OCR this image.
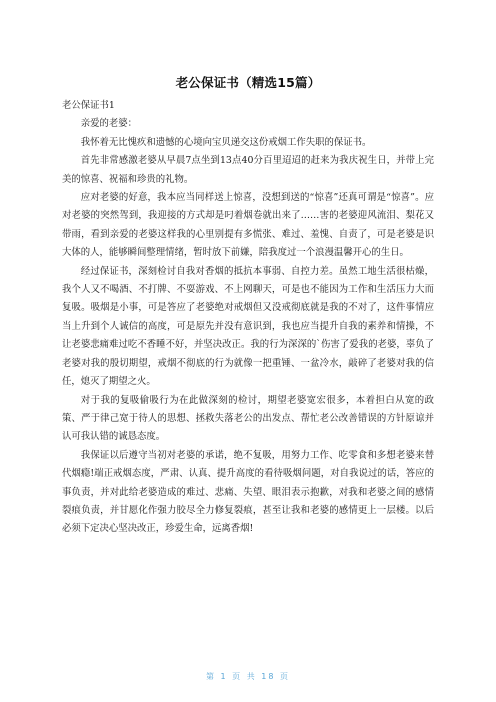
老公保证书（精选15篇）

老公保证书1

亲爱的老婆：

我怀着无比愧疚和遗憾的心境向宝贝递交这份戒烟工作失职的保证书。

首先非常感激老婆从早晨7点坐到13点40分百里迢迢的赶来为我庆祝生日，并带上完美的惊喜、祝福和珍贵的礼物。

应对老婆的好意，我本应当同样送上惊喜，没想到送的“惊喜”还真可谓是“惊喜”。应对老婆的突然驾到，我迎接的方式却是叼着烟卷就出来了……害的老婆迎风流泪、梨花又带雨，看到亲爱的老婆这样我的心里别提有多慌张、难过、羞愧、自责了，可是老婆是识大体的人，能够瞬间整理情绪，暂时放下前嫌，陪我度过一个浪漫温馨开心的生日。

经过保证书，深刻检讨自我对香烟的抵抗本事弱、自控力差。虽然工地生活很枯燥，我个人又不喝酒、不打牌、不耍游戏、不上网聊天，可是也不能因为工作和生活压力大而复吸。吸烟是小事，可是答应了老婆绝对戒烟但又没戒彻底就是我的不对了，这件事情应当上升到个人诚信的高度，可是原先并没有意识到，我也应当提升自我的素养和情操，不让老婆悲痛难过吃不香睡不好，并坚决改正。我的行为深深的`伤害了爱我的老婆，辜负了老婆对我的殷切期望，戒烟不彻底的行为就像一把重锤、一盆冷水，敲碎了老婆对我的信任，熄灭了期望之火。

对于我的复吸偷吸行为在此做深刻的检讨，期望老婆宽宏很多，本着担白从宽的政策、严于律己宽于待人的思想、拯救失落老公的出发点、帮忙老公改善错误的方针原谅并认可我认错的诚恳态度。

我保证以后遵守当初对老婆的承诺，绝不复吸，用努力工作、吃零食和多想老婆来替代烟瘾!端正戒烟态度，严肃、认真、提升高度的看待吸烟问题，对自我说过的话，答应的事负责，并对此给老婆造成的难过、悲痛、失望、眼泪表示抱歉，对我和老婆之间的感情裂痕负责，并甘愿化作强力胶尽全力修复裂痕，甚至让我和老婆的感情更上一层楼。以后必须下定决心坚决改正，珍爱生命，远离香烟!

第 1 页 共 18 页
